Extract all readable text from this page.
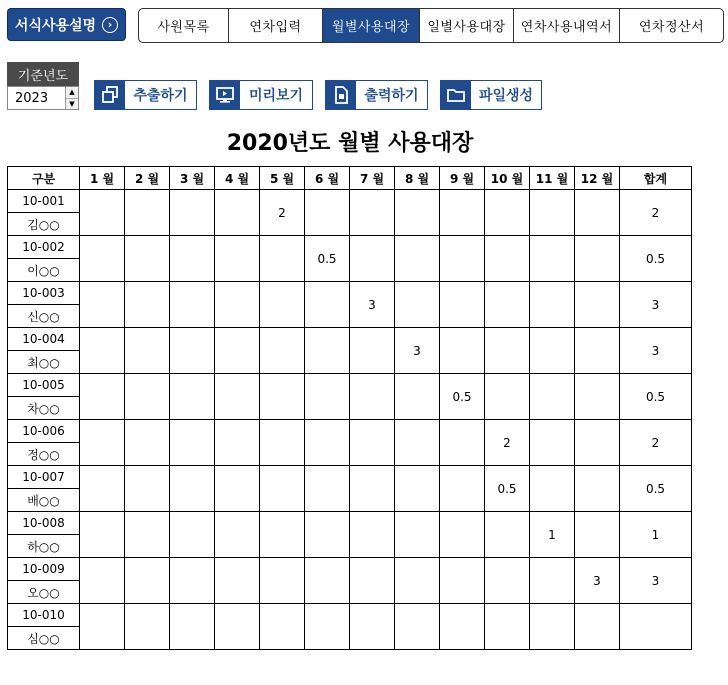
서식사용설명	›	사원목록	연차입력	월별사용대장	일별사용대장	연차사용내역서	연차정산서
기준년도
2023	▲
▼	추출하기	미리보기	출력하기	파일생성
2020년도 월별 사용대장
구분	1 월	2 월	3 월	4 월	5 월	6 월	7 월	8 월	9 월	10 월	11 월	12 월	합계
10-001					2								2
김○○													
10-002						0.5							0.5
이○○													
10-003							3						3
신○○													
10-004								3					3
최○○													
10-005									0.5				0.5
차○○													
10-006										2			2
정○○													
10-007										0.5			0.5
배○○													
10-008											1		1
하○○													
10-009												3	3
오○○													
10-010													
심○○													
